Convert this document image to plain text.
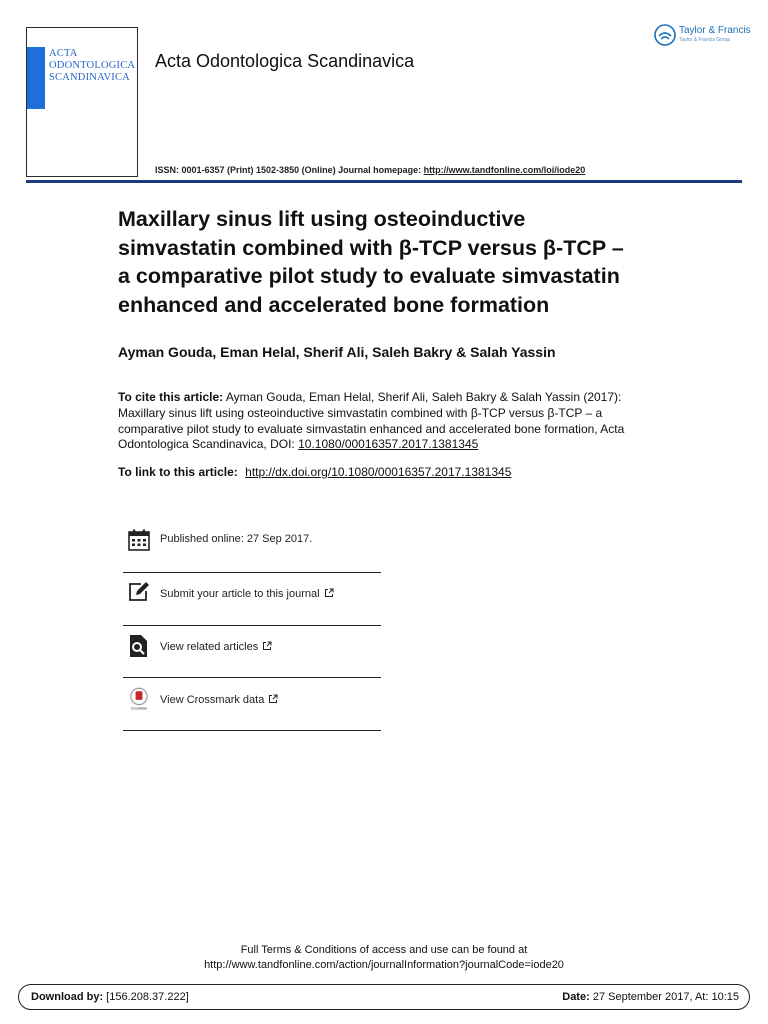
ACTA
ODONTOLOGICA
SCANDINAVICA
Acta Odontologica Scandinavica
ISSN: 0001-6357 (Print) 1502-3850 (Online) Journal homepage: http://www.tandfonline.com/loi/iode20
Taylor & Francis
Taylor & Francis Group
Maxillary sinus lift using osteoinductive
simvastatin combined with β-TCP versus β-TCP –
a comparative pilot study to evaluate simvastatin
enhanced and accelerated bone formation
Ayman Gouda, Eman Helal, Sherif Ali, Saleh Bakry & Salah Yassin
To cite this article: Ayman Gouda, Eman Helal, Sherif Ali, Saleh Bakry & Salah Yassin (2017): Maxillary sinus lift using osteoinductive simvastatin combined with β-TCP versus β-TCP – a comparative pilot study to evaluate simvastatin enhanced and accelerated bone formation, Acta Odontologica Scandinavica, DOI: 10.1080/00016357.2017.1381345
To link to this article: http://dx.doi.org/10.1080/00016357.2017.1381345
Published online: 27 Sep 2017.
Submit your article to this journal
View related articles
CrossMark
View Crossmark data
Full Terms & Conditions of access and use can be found at
http://www.tandfonline.com/action/journalInformation?journalCode=iode20
Download by: [156.208.37.222]	Date: 27 September 2017, At: 10:15
